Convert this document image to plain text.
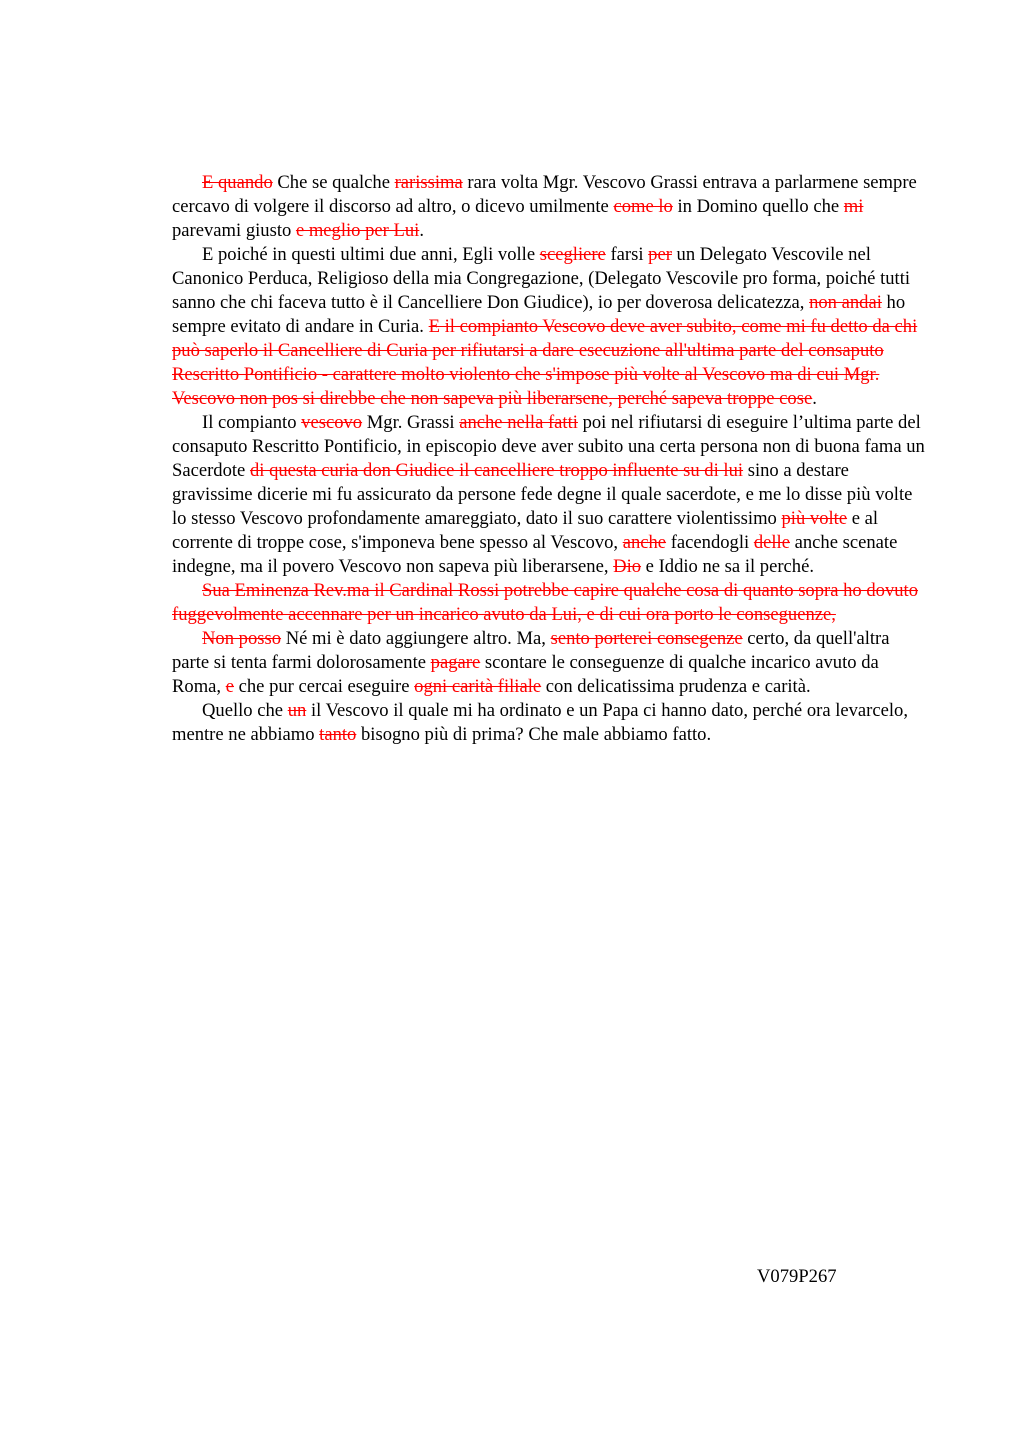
E quando Che se qualche rarissima rara volta Mgr. Vescovo Grassi entrava a parlarmene sempre cercavo di volgere il discorso ad altro, o dicevo umilmente come lo in Domino quello che mi parevami giusto e meglio per Lui.

E poiché in questi ultimi due anni, Egli volle scegliere farsi per un Delegato Vescovile nel Canonico Perduca, Religioso della mia Congregazione, (Delegato Vescovile pro forma, poiché tutti sanno che chi faceva tutto è il Cancelliere Don Giudice), io per doverosa delicatezza, non andai ho sempre evitato di andare in Curia. E il compianto Vescovo deve aver subito, come mi fu detto da chi può saperlo il Cancelliere di Curia per rifiutarsi a dare esecuzione all'ultima parte del consaputo Rescritto Pontificio - carattere molto violento che s'impose più volte al Vescovo ma di cui Mgr. Vescovo non pos si direbbe che non sapeva più liberarsene, perché sapeva troppe cose.

Il compianto vescovo Mgr. Grassi anche nella fatti poi nel rifiutarsi di eseguire l’ultima parte del consaputo Rescritto Pontificio, in episcopio deve aver subito una certa persona non di buona fama un Sacerdote di questa curia don Giudice il cancelliere troppo influente su di lui sino a destare gravissime dicerie mi fu assicurato da persone fede degne il quale sacerdote, e me lo disse più volte lo stesso Vescovo profondamente amareggiato, dato il suo carattere violentissimo più volte e al corrente di troppe cose, s'imponeva bene spesso al Vescovo, anche facendogli delle anche scenate indegne, ma il povero Vescovo non sapeva più liberarsene, Dio e Iddio ne sa il perché.

Sua Eminenza Rev.ma il Cardinal Rossi potrebbe capire qualche cosa di quanto sopra ho dovuto fuggevolmente accennare per un incarico avuto da Lui, e di cui ora porto le conseguenze,

Non posso Né mi è dato aggiungere altro. Ma, sento porterei consegenze certo, da quell'altra parte si tenta farmi dolorosamente pagare scontare le conseguenze di qualche incarico avuto da Roma, e che pur cercai eseguire ogni carità filiale con delicatissima prudenza e carità.

Quello che un il Vescovo il quale mi ha ordinato e un Papa ci hanno dato, perché ora levarcelo, mentre ne abbiamo tanto bisogno più di prima? Che male abbiamo fatto.

V079P267
